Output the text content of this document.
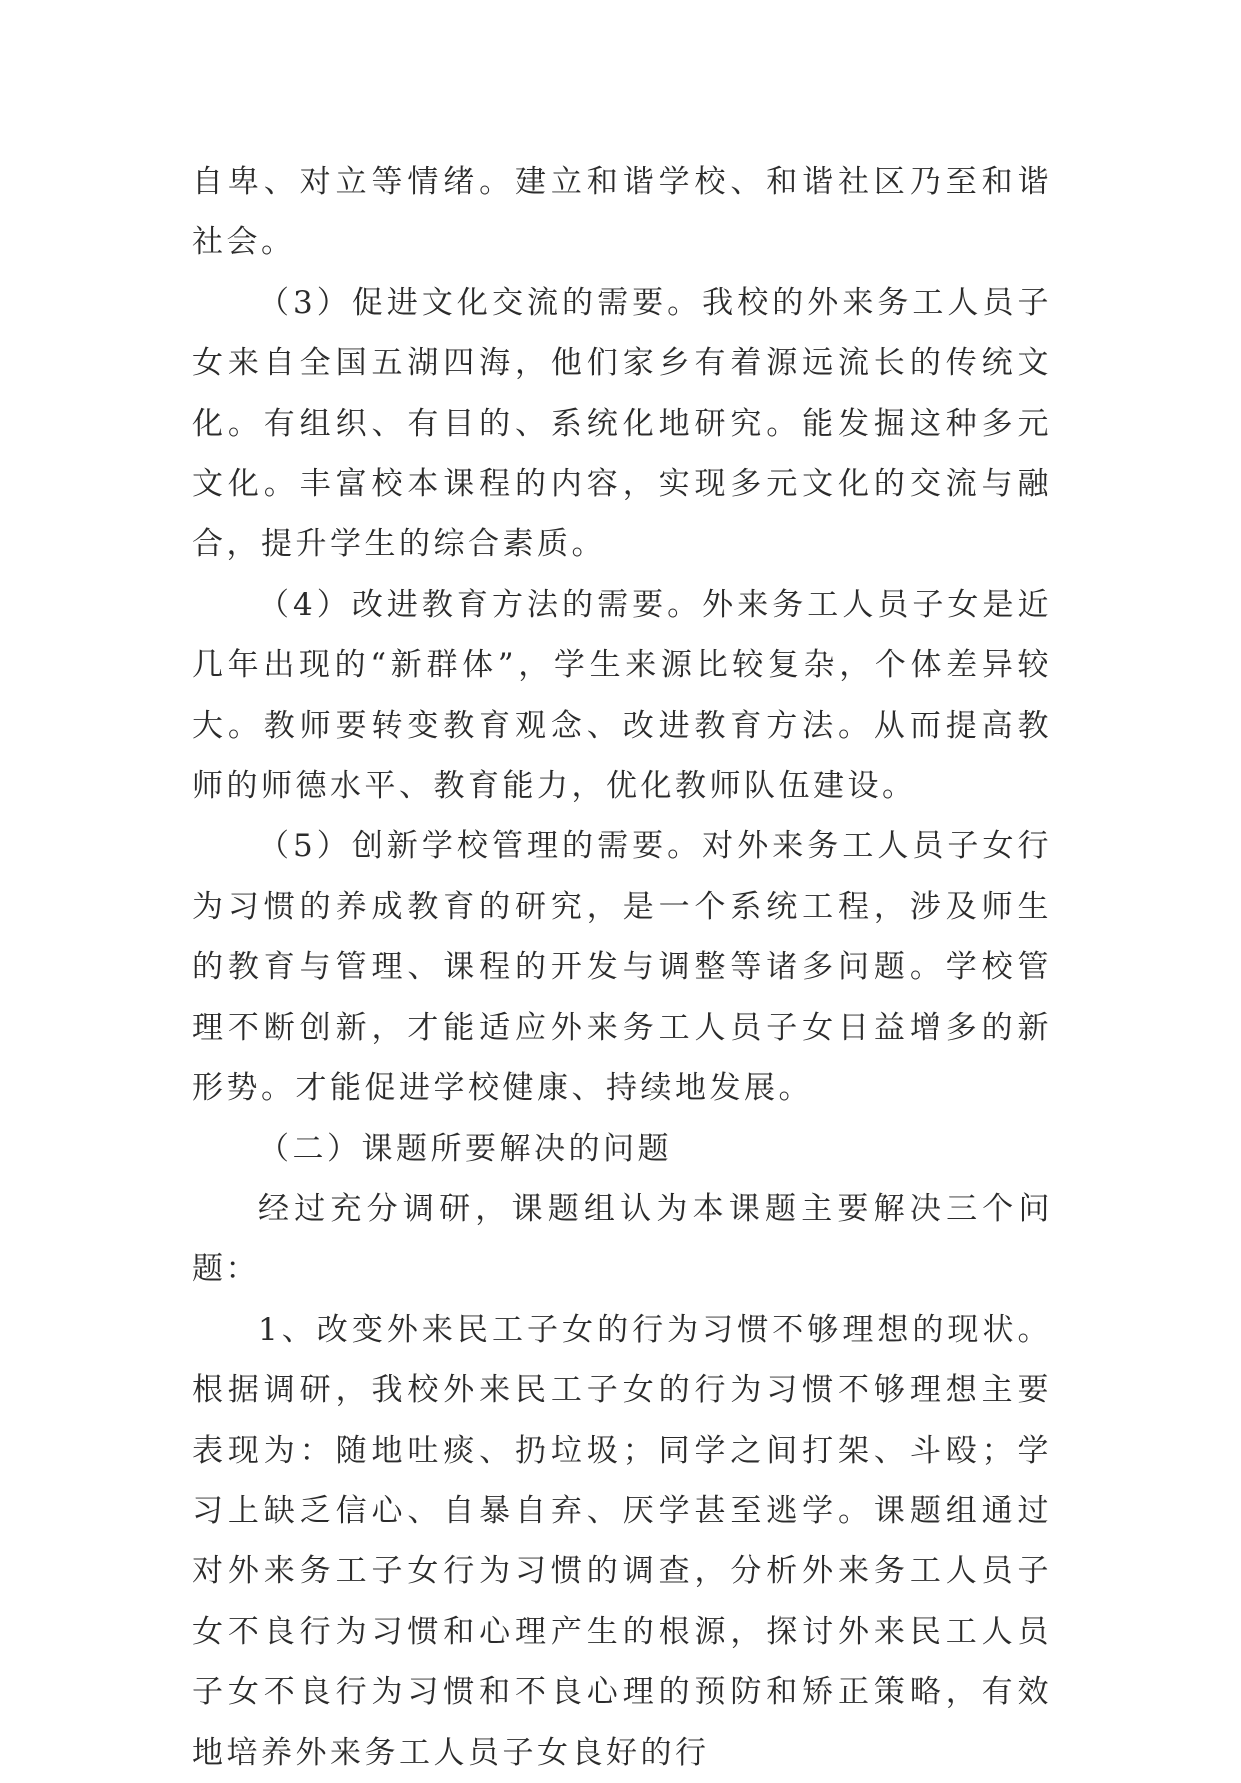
自卑、对立等情绪。建立和谐学校、和谐社区乃至和谐社会。

（3）促进文化交流的需要。我校的外来务工人员子女来自全国五湖四海，他们家乡有着源远流长的传统文化。有组织、有目的、系统化地研究。能发掘这种多元文化。丰富校本课程的内容，实现多元文化的交流与融合，提升学生的综合素质。

（4）改进教育方法的需要。外来务工人员子女是近几年出现的“新群体”，学生来源比较复杂，个体差异较大。教师要转变教育观念、改进教育方法。从而提高教师的师德水平、教育能力，优化教师队伍建设。

（5）创新学校管理的需要。对外来务工人员子女行为习惯的养成教育的研究，是一个系统工程，涉及师生的教育与管理、课程的开发与调整等诸多问题。学校管理不断创新，才能适应外来务工人员子女日益增多的新形势。才能促进学校健康、持续地发展。

（二）课题所要解决的问题

经过充分调研，课题组认为本课题主要解决三个问题：

1、改变外来民工子女的行为习惯不够理想的现状。根据调研，我校外来民工子女的行为习惯不够理想主要表现为：随地吐痰、扔垃圾；同学之间打架、斗殴；学习上缺乏信心、自暴自弃、厌学甚至逃学。课题组通过对外来务工子女行为习惯的调查，分析外来务工人员子女不良行为习惯和心理产生的根源，探讨外来民工人员子女不良行为习惯和不良心理的预防和矫正策略，有效地培养外来务工人员子女良好的行
